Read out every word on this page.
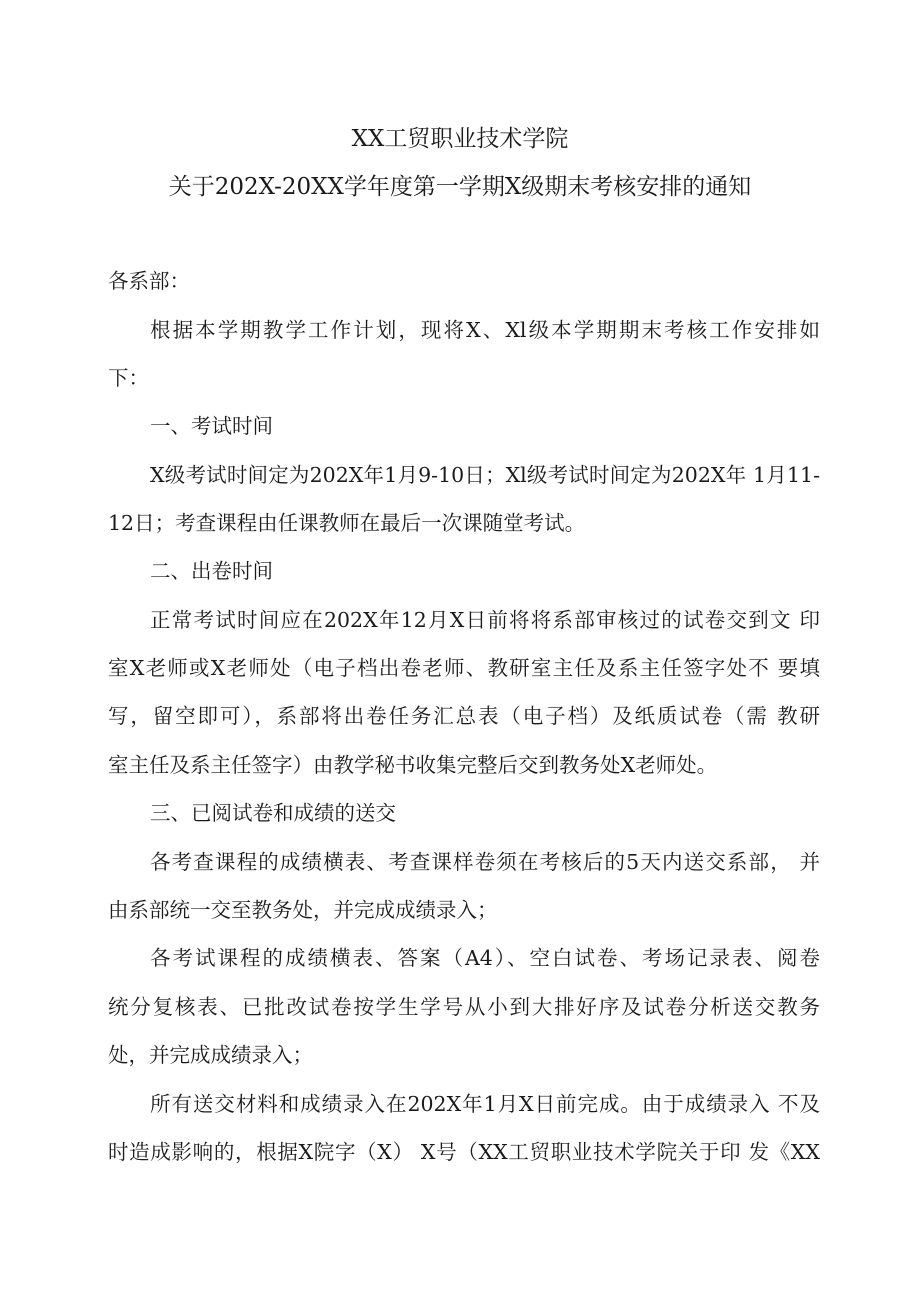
XX工贸职业技术学院
关于202X-20XX学年度第一学期X级期末考核安排的通知
各系部：
根据本学期教学工作计划，现将X、Xl级本学期期末考核工作安排如
下：
一、考试时间
X级考试时间定为202X年1月9-10日；Xl级考试时间定为202X年 1月11-
12日；考查课程由任课教师在最后一次课随堂考试。
二、出卷时间
正常考试时间应在202X年12月X日前将将系部审核过的试卷交到文 印
室X老师或X老师处（电子档出卷老师、教研室主任及系主任签字处不 要填
写，留空即可），系部将出卷任务汇总表（电子档）及纸质试卷（需 教研
室主任及系主任签字）由教学秘书收集完整后交到教务处X老师处。
三、已阅试卷和成绩的送交
各考查课程的成绩横表、考查课样卷须在考核后的5天内送交系部， 并
由系部统一交至教务处，并完成成绩录入；
各考试课程的成绩横表、答案（A4）、空白试卷、考场记录表、阅卷
统分复核表、已批改试卷按学生学号从小到大排好序及试卷分析送交教务
处，并完成成绩录入；
所有送交材料和成绩录入在202X年1月X日前完成。由于成绩录入 不及
时造成影响的，根据X院字（X） X号（XX工贸职业技术学院关于印 发《XX
